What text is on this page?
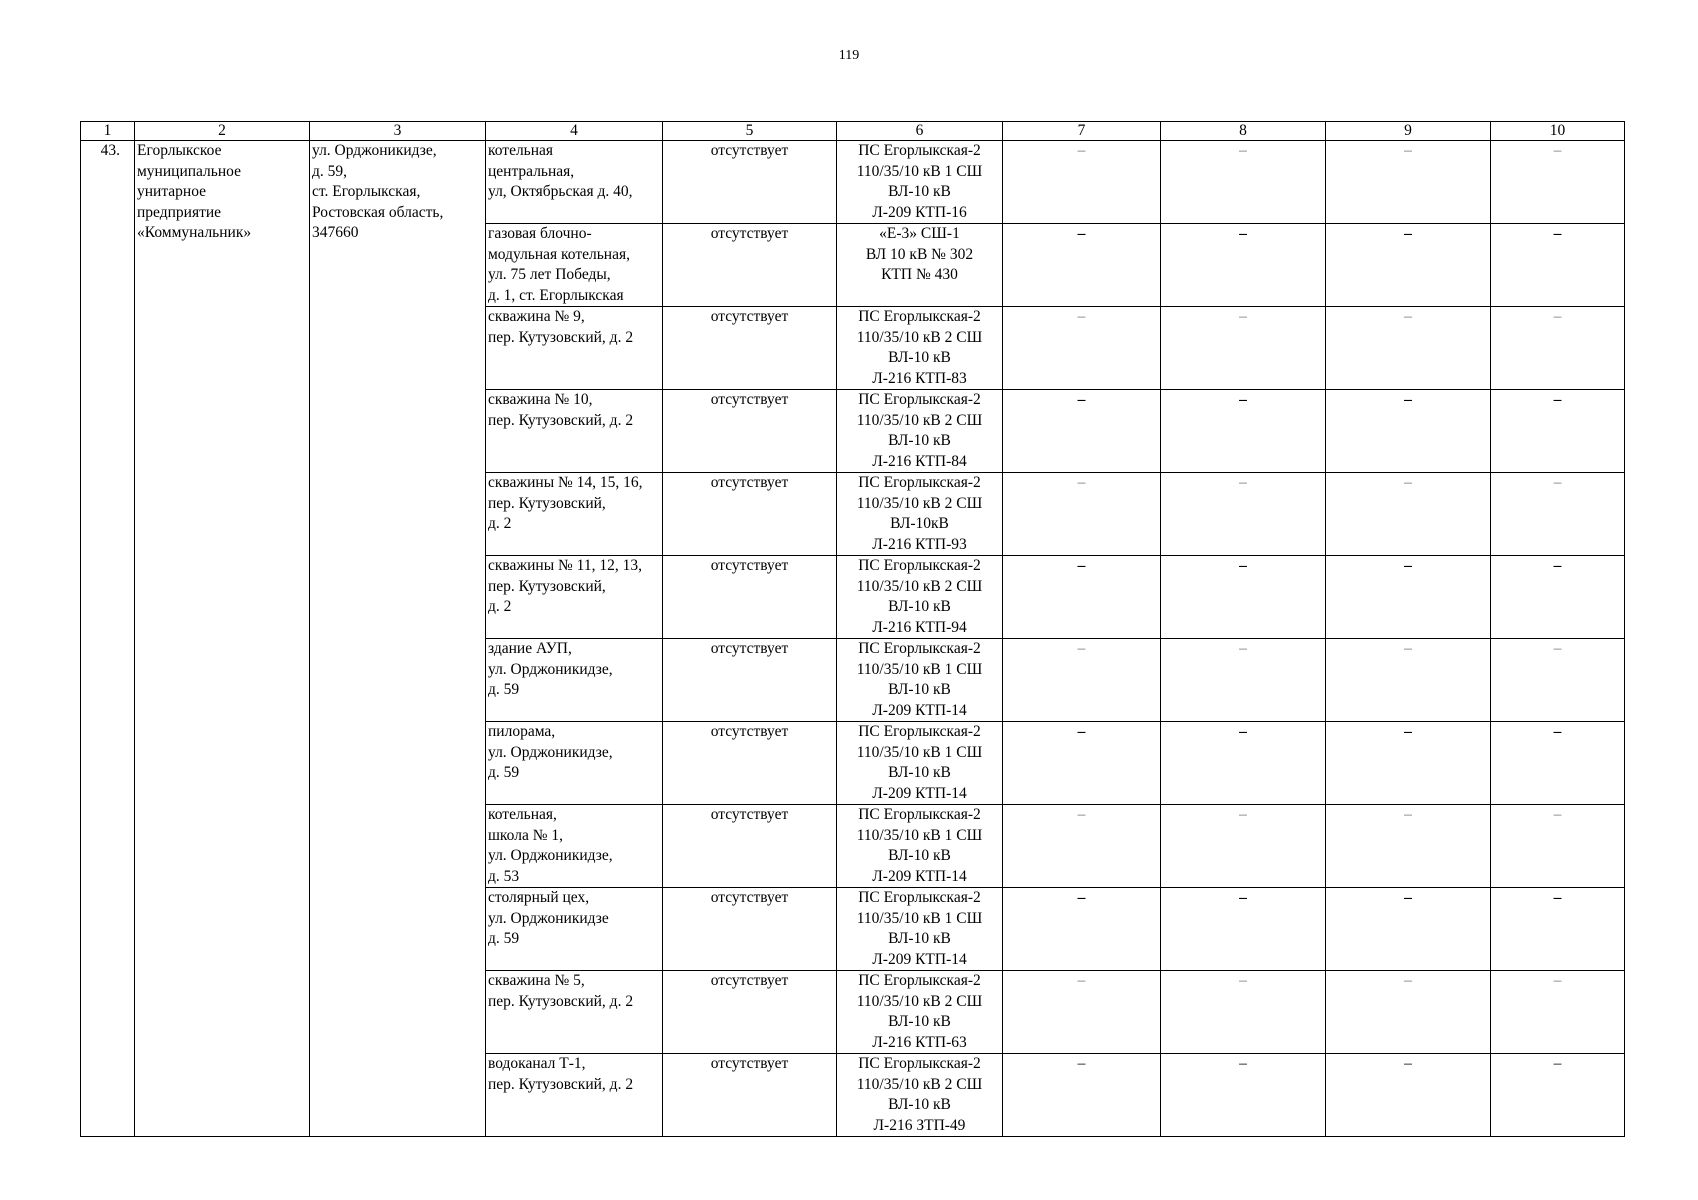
119
1	2	3	4	5	6	7	8	9	10
43.	Егорлыкское
муниципальное
унитарное
предприятие
«Коммунальник»	ул. Орджоникидзе,
д. 59,
ст. Егорлыкская,
Ростовская область,
347660	котельная
центральная,
ул, Октябрьская д. 40,	отсутствует	ПС Егорлыкская-2
110/35/10 кВ 1 СШ
ВЛ-10 кВ
Л-209 КТП-16	–	–	–	–
			газовая блочно-
модульная котельная,
ул. 75 лет Победы,
д. 1, ст. Егорлыкская	отсутствует	«Е-3» СШ-1
ВЛ 10 кВ № 302
КТП № 430	–	–	–	–
			скважина № 9,
пер. Кутузовский, д. 2	отсутствует	ПС Егорлыкская-2
110/35/10 кВ 2 СШ
ВЛ-10 кВ
Л-216 КТП-83	–	–	–	–
			скважина № 10,
пер. Кутузовский, д. 2	отсутствует	ПС Егорлыкская-2
110/35/10 кВ 2 СШ
ВЛ-10 кВ
Л-216 КТП-84	–	–	–	–
			скважины № 14, 15, 16,
пер. Кутузовский,
д. 2	отсутствует	ПС Егорлыкская-2
110/35/10 кВ 2 СШ
ВЛ-10кВ
Л-216 КТП-93	–	–	–	–
			скважины № 11, 12, 13,
пер. Кутузовский,
д. 2	отсутствует	ПС Егорлыкская-2
110/35/10 кВ 2 СШ
ВЛ-10 кВ
Л-216 КТП-94	–	–	–	–
			здание АУП,
ул. Орджоникидзе,
д. 59	отсутствует	ПС Егорлыкская-2
110/35/10 кВ 1 СШ
ВЛ-10 кВ
Л-209 КТП-14	–	–	–	–
			пилорама,
ул. Орджоникидзе,
д. 59	отсутствует	ПС Егорлыкская-2
110/35/10 кВ 1 СШ
ВЛ-10 кВ
Л-209 КТП-14	–	–	–	–
			котельная,
школа № 1,
ул. Орджоникидзе,
д. 53	отсутствует	ПС Егорлыкская-2
110/35/10 кВ 1 СШ
ВЛ-10 кВ
Л-209 КТП-14	–	–	–	–
			столярный цех,
ул. Орджоникидзе
д. 59	отсутствует	ПС Егорлыкская-2
110/35/10 кВ 1 СШ
ВЛ-10 кВ
Л-209 КТП-14	–	–	–	–
			скважина № 5,
пер. Кутузовский, д. 2	отсутствует	ПС Егорлыкская-2
110/35/10 кВ 2 СШ
ВЛ-10 кВ
Л-216 КТП-63	–	–	–	–
			водоканал Т-1,
пер. Кутузовский, д. 2	отсутствует	ПС Егорлыкская-2
110/35/10 кВ 2 СШ
ВЛ-10 кВ
Л-216 ЗТП-49	–	–	–	–
